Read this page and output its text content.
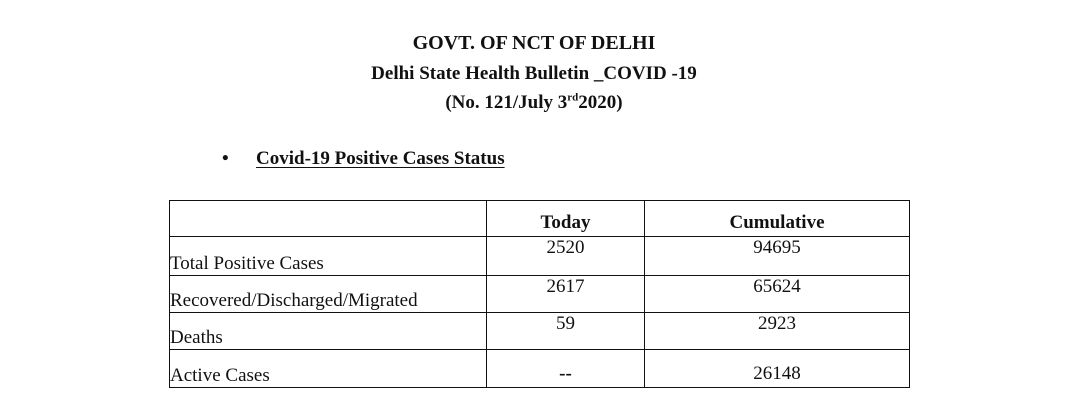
GOVT. OF NCT OF DELHI
Delhi State Health Bulletin _COVID -19
(No. 121/July 3rd2020)
• Covid-19 Positive Cases Status
	Today	Cumulative
Total Positive Cases	2520	94695
Recovered/Discharged/Migrated	2617	65624
Deaths	59	2923
Active Cases	--	26148
